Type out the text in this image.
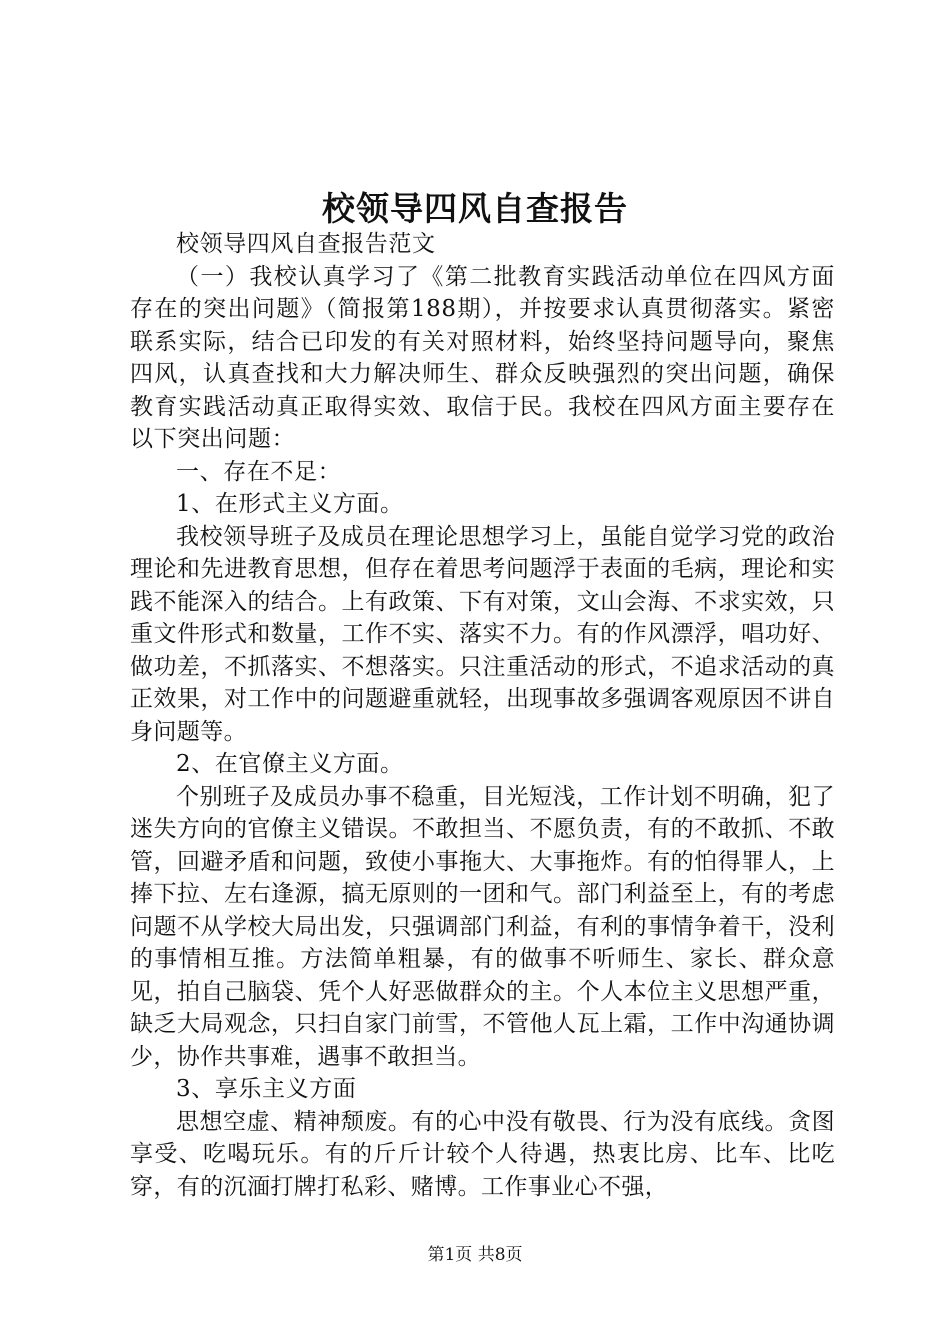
校领导四风自查报告

校领导四风自查报告范文

（一）我校认真学习了《第二批教育实践活动单位在四风方面存在的突出问题》（简报第188期），并按要求认真贯彻落实。紧密联系实际，结合已印发的有关对照材料，始终坚持问题导向，聚焦四风，认真查找和大力解决师生、群众反映强烈的突出问题，确保教育实践活动真正取得实效、取信于民。我校在四风方面主要存在以下突出问题：

一、存在不足：

1、在形式主义方面。

我校领导班子及成员在理论思想学习上，虽能自觉学习党的政治理论和先进教育思想，但存在着思考问题浮于表面的毛病，理论和实践不能深入的结合。上有政策、下有对策，文山会海、不求实效，只重文件形式和数量，工作不实、落实不力。有的作风漂浮，唱功好、做功差，不抓落实、不想落实。只注重活动的形式，不追求活动的真正效果，对工作中的问题避重就轻，出现事故多强调客观原因不讲自身问题等。

2、在官僚主义方面。

个别班子及成员办事不稳重，目光短浅，工作计划不明确，犯了迷失方向的官僚主义错误。不敢担当、不愿负责，有的不敢抓、不敢管，回避矛盾和问题，致使小事拖大、大事拖炸。有的怕得罪人，上捧下拉、左右逢源，搞无原则的一团和气。部门利益至上，有的考虑问题不从学校大局出发，只强调部门利益，有利的事情争着干，没利的事情相互推。方法简单粗暴，有的做事不听师生、家长、群众意见，拍自己脑袋、凭个人好恶做群众的主。个人本位主义思想严重，缺乏大局观念，只扫自家门前雪，不管他人瓦上霜，工作中沟通协调少，协作共事难，遇事不敢担当。

3、享乐主义方面

思想空虚、精神颓废。有的心中没有敬畏、行为没有底线。贪图享受、吃喝玩乐。有的斤斤计较个人待遇，热衷比房、比车、比吃穿，有的沉湎打牌打私彩、赌博。工作事业心不强，

第1页 共8页
